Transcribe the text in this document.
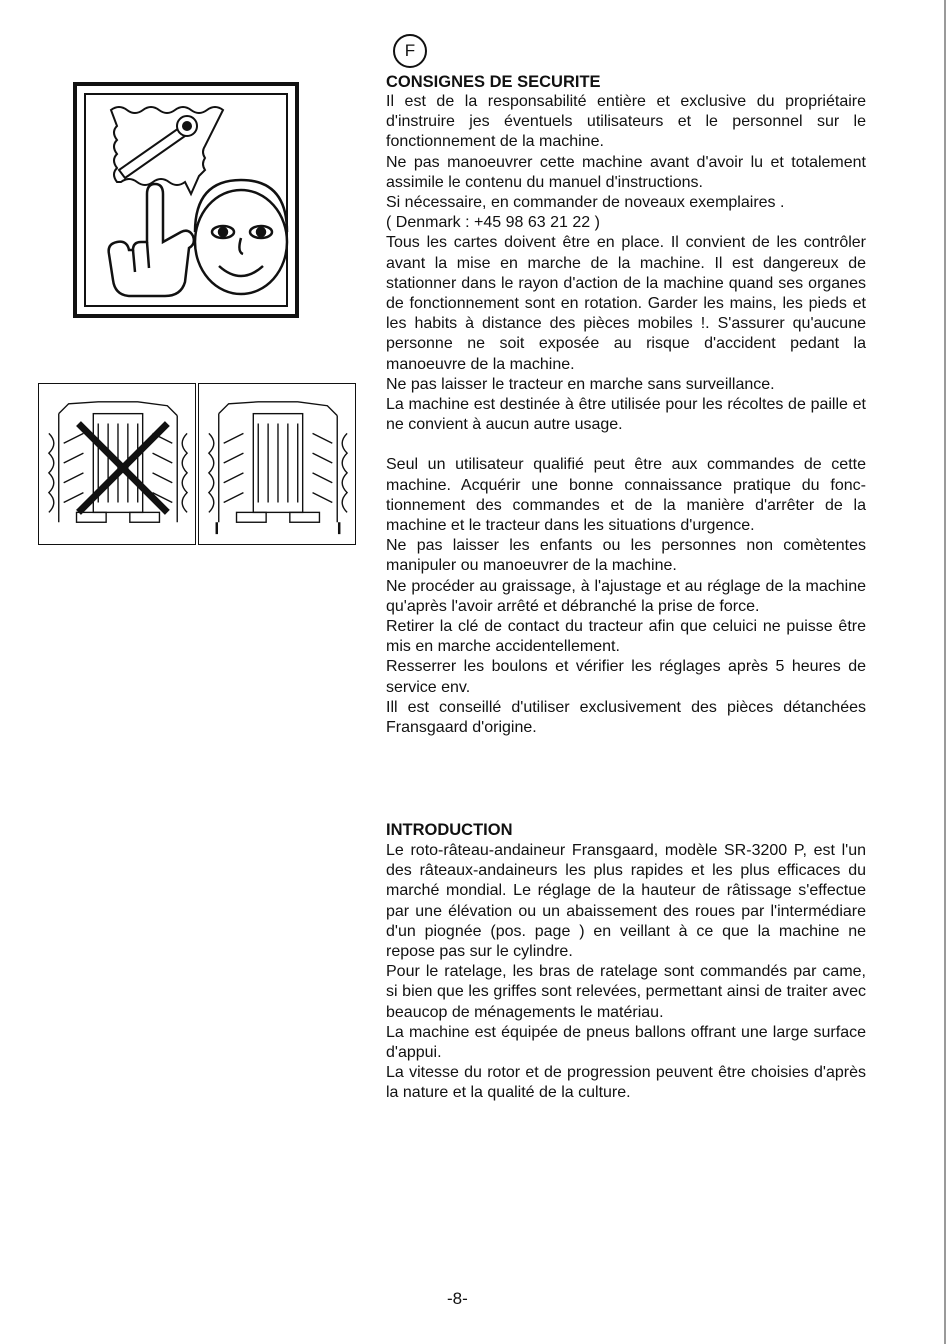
F
CONSIGNES DE SECURITE

Il est de la responsabilité entière et exclusive du propriétaire d'instruire jes éventuels utilisateurs et le personnel sur le fonctionnement de la machine.

Ne pas manoeuvrer cette machine avant d'avoir lu et totalement assimile le contenu du manuel d'instructions.

Si nécessaire, en commander de noveaux exemplaires .

( Denmark : +45 98 63 21 22 )

Tous les cartes doivent être en place. Il convient de les contrôler avant la mise en marche de la machine. Il est dangereux de stationner dans le rayon d'action de la machine quand ses organes de fonctionnement sont en rotation. Garder les mains, les pieds et les habits à distance des pièces mobiles !. S'assurer qu'aucune personne ne soit exposée au risque d'accident pedant la manoeuvre de la machine.

Ne pas laisser le tracteur en marche sans surveillance.

La machine est destinée à être utilisée pour les récoltes de paille et ne convient à aucun autre usage.

Seul un utilisateur qualifié peut être aux commandes de cette machine. Acquérir une bonne connaissance pratique du fonc-tionnement des commandes et de la manière d'arrêter de la machine et le tracteur dans les situations d'urgence.

Ne pas laisser les enfants ou les personnes non comètentes manipuler ou manoeuvrer de la machine.

Ne procéder au graissage, à l'ajustage et au réglage de la machine qu'après l'avoir arrêté et débranché la prise de force.

Retirer la clé de contact du tracteur afin que celuici ne puisse être mis en marche accidentellement.

Resserrer les boulons et vérifier les réglages après 5 heures de service env.

Ill est conseillé d'utiliser exclusivement des pièces détanchées Fransgaard d'origine.

INTRODUCTION

Le roto-râteau-andaineur Fransgaard, modèle SR-3200 P, est l'un des râteaux-andaineurs les plus rapides et les plus efficaces du marché mondial. Le réglage de la hauteur de râtissage s'effectue par une élévation ou un abaissement des roues par l'intermédiare d'un piognée (pos. page ) en veillant à ce que la machine ne repose pas sur le cylindre.

Pour le ratelage, les bras de ratelage sont commandés par came, si bien que les griffes sont relevées, permettant ainsi de traiter avec beaucop de ménagements le matériau.

La machine est équipée de pneus ballons offrant une large surface d'appui.

La vitesse du rotor et de progression peuvent être choisies d'après la nature et la qualité de la culture.

-8-
